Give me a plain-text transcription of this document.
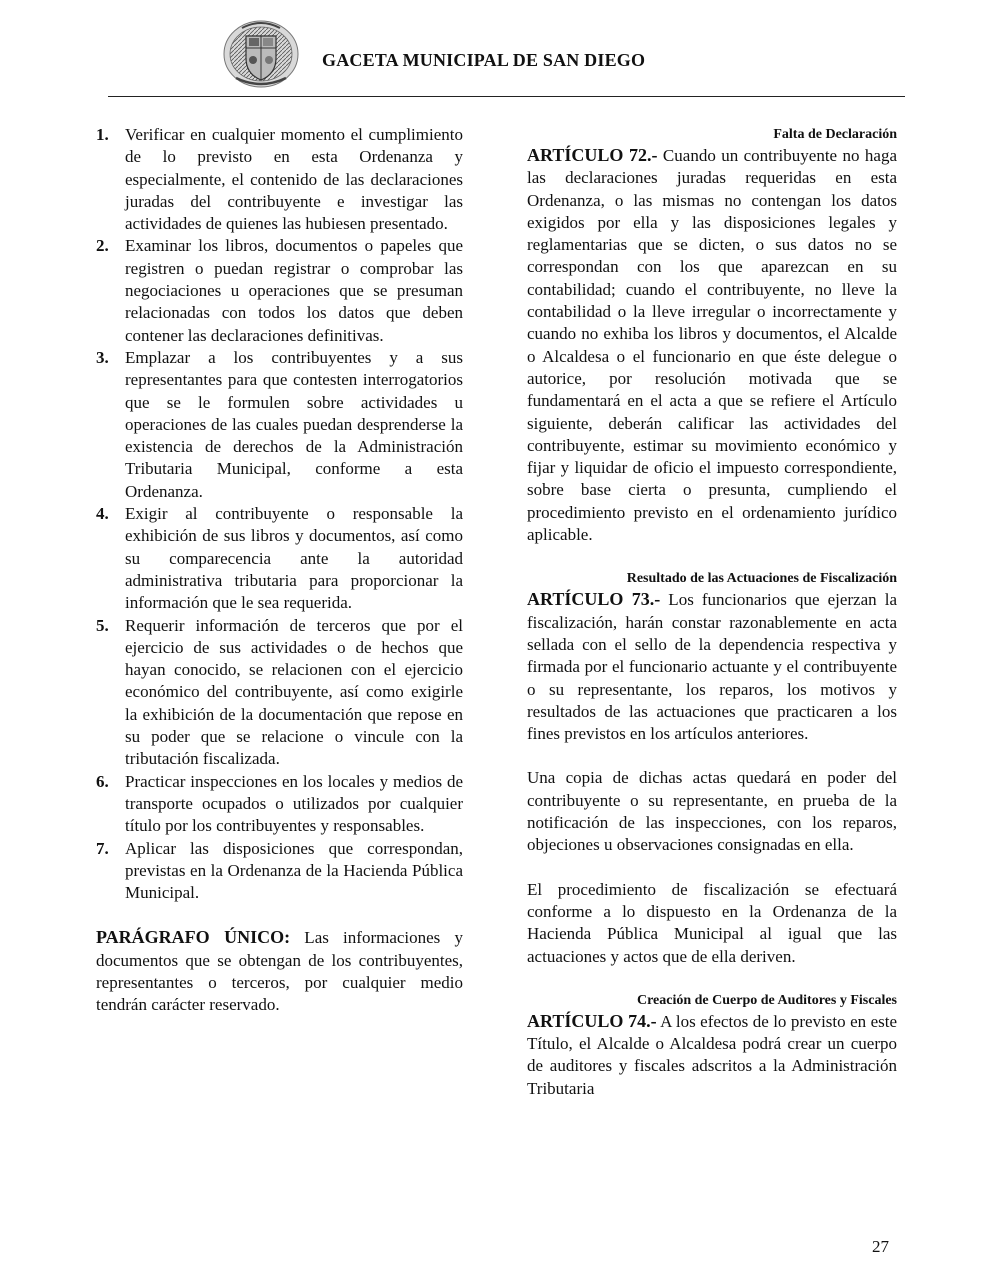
GACETA MUNICIPAL DE SAN DIEGO
1. Verificar en cualquier momento el cumplimiento de lo previsto en esta Ordenanza y especialmente, el contenido de las declaraciones juradas del contribuyente e investigar las actividades de quienes las hubiesen presentado.
2. Examinar los libros, documentos o papeles que registren o puedan registrar o comprobar las negociaciones u operaciones que se presuman relacionadas con todos los datos que deben contener las declaraciones definitivas.
3. Emplazar a los contribuyentes y a sus representantes para que contesten interrogatorios que se le formulen sobre actividades u operaciones de las cuales puedan desprenderse la existencia de derechos de la Administración Tributaria Municipal, conforme a esta Ordenanza.
4. Exigir al contribuyente o responsable la exhibición de sus libros y documentos, así como su comparecencia ante la autoridad administrativa tributaria para proporcionar la información que le sea requerida.
5. Requerir información de terceros que por el ejercicio de sus actividades o de hechos que hayan conocido, se relacionen con el ejercicio económico del contribuyente, así como exigirle la exhibición de la documentación que repose en su poder que se relacione o vincule con la tributación fiscalizada.
6. Practicar inspecciones en los locales y medios de transporte ocupados o utilizados por cualquier título por los contribuyentes y responsables.
7. Aplicar las disposiciones que correspondan, previstas en la Ordenanza de la Hacienda Pública Municipal.

PARÁGRAFO ÚNICO: Las informaciones y documentos que se obtengan de los contribuyentes, representantes o terceros, por cualquier medio tendrán carácter reservado.

Falta de Declaración

ARTÍCULO 72.- Cuando un contribuyente no haga las declaraciones juradas requeridas en esta Ordenanza, o las mismas no contengan los datos exigidos por ella y las disposiciones legales y reglamentarias que se dicten, o sus datos no se correspondan con los que aparezcan en su contabilidad; cuando el contribuyente, no lleve la contabilidad o la lleve irregular o incorrectamente y cuando no exhiba los libros y documentos, el Alcalde o Alcaldesa o el funcionario en que éste delegue o autorice, por resolución motivada que se fundamentará en el acta a que se refiere el Artículo siguiente, deberán calificar las actividades del contribuyente, estimar su movimiento económico y fijar y liquidar de oficio el impuesto correspondiente, sobre base cierta o presunta, cumpliendo el procedimiento previsto en el ordenamiento jurídico aplicable.

Resultado de las Actuaciones de Fiscalización

ARTÍCULO 73.- Los funcionarios que ejerzan la fiscalización, harán constar razonablemente en acta sellada con el sello de la dependencia respectiva y firmada por el funcionario actuante y el contribuyente o su representante, los reparos, los motivos y resultados de las actuaciones que practicaren a los fines previstos en los artículos anteriores.

Una copia de dichas actas quedará en poder del contribuyente o su representante, en prueba de la notificación de las inspecciones, con los reparos, objeciones u observaciones consignadas en ella.

El procedimiento de fiscalización se efectuará conforme a lo dispuesto en la Ordenanza de la Hacienda Pública Municipal al igual que las actuaciones y actos que de ella deriven.

Creación de Cuerpo de Auditores y Fiscales

ARTÍCULO 74.- A los efectos de lo previsto en este Título, el Alcalde o Alcaldesa podrá crear un cuerpo de auditores y fiscales adscritos a la Administración Tributaria

27
